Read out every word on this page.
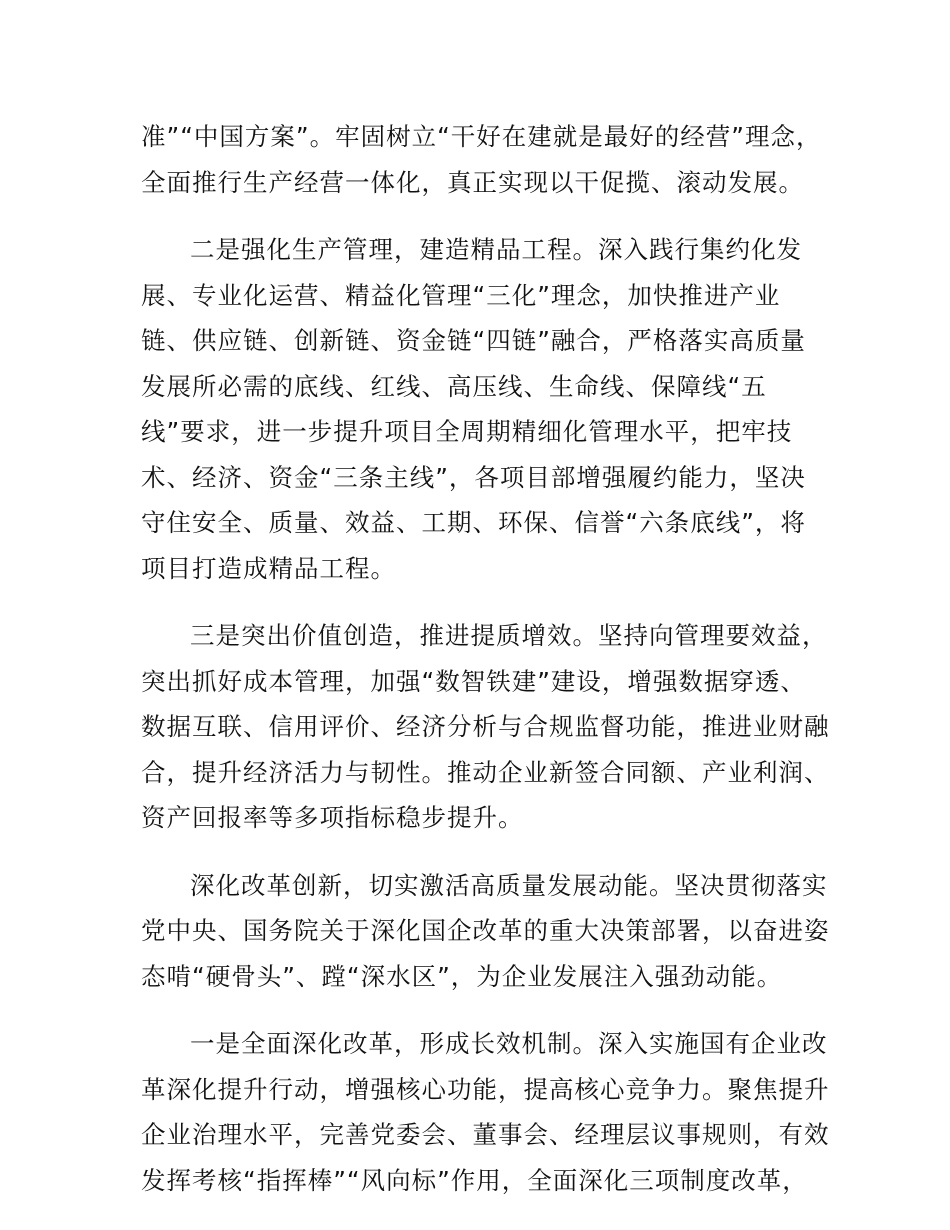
准”“中国方案”。牢固树立“干好在建就是最好的经营”理念，
全面推行生产经营一体化，真正实现以干促揽、滚动发展。
二是强化生产管理，建造精品工程。深入践行集约化发
展、专业化运营、精益化管理“三化”理念，加快推进产业
链、供应链、创新链、资金链“四链”融合，严格落实高质量
发展所必需的底线、红线、高压线、生命线、保障线“五
线”要求，进一步提升项目全周期精细化管理水平，把牢技
术、经济、资金“三条主线”，各项目部增强履约能力，坚决
守住安全、质量、效益、工期、环保、信誉“六条底线”，将
项目打造成精品工程。
三是突出价值创造，推进提质增效。坚持向管理要效益，
突出抓好成本管理，加强“数智铁建”建设，增强数据穿透、
数据互联、信用评价、经济分析与合规监督功能，推进业财融
合，提升经济活力与韧性。推动企业新签合同额、产业利润、
资产回报率等多项指标稳步提升。
深化改革创新，切实激活高质量发展动能。坚决贯彻落实
党中央、国务院关于深化国企改革的重大决策部署，以奋进姿
态啃“硬骨头”、蹚“深水区”，为企业发展注入强劲动能。
一是全面深化改革，形成长效机制。深入实施国有企业改
革深化提升行动，增强核心功能，提高核心竞争力。聚焦提升
企业治理水平，完善党委会、董事会、经理层议事规则，有效
发挥考核“指挥棒”“风向标”作用，全面深化三项制度改革，
